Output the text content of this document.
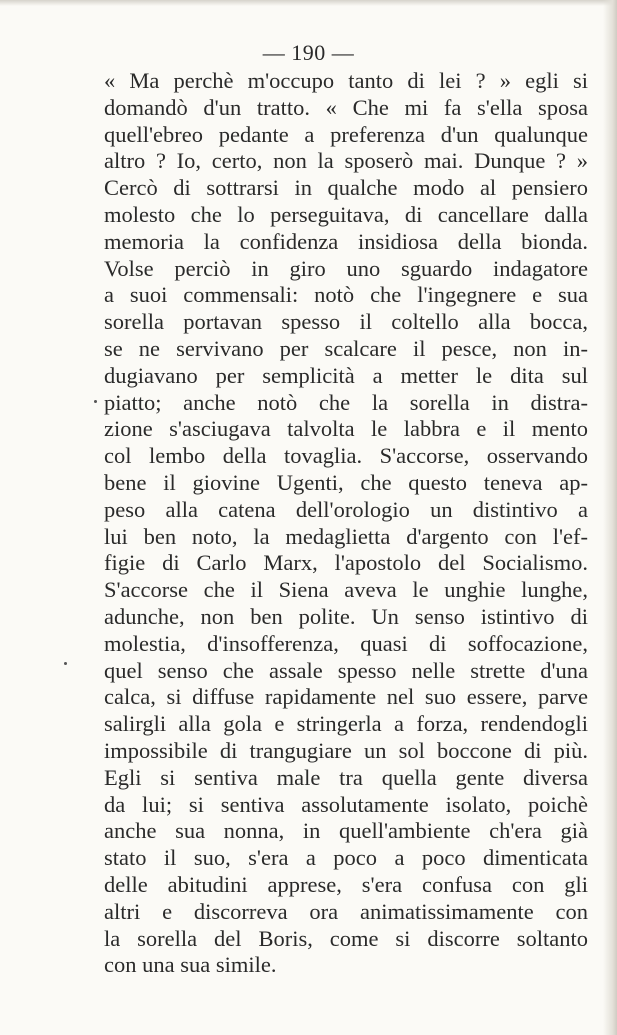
— 190 —
« Ma perchè m'occupo tanto di lei ? » egli si
domandò d'un tratto. « Che mi fa s'ella sposa
quell'ebreo pedante a preferenza d'un qualunque
altro ? Io, certo, non la sposerò mai. Dunque ? »
Cercò di sottrarsi in qualche modo al pensiero
molesto che lo perseguitava, di cancellare dalla
memoria la confidenza insidiosa della bionda.
Volse perciò in giro uno sguardo indagatore
a suoi commensali: notò che l'ingegnere e sua
sorella portavan spesso il coltello alla bocca,
se ne servivano per scalcare il pesce, non in-
dugiavano per semplicità a metter le dita sul
piatto; anche notò che la sorella in distra-
zione s'asciugava talvolta le labbra e il mento
col lembo della tovaglia. S'accorse, osservando
bene il giovine Ugenti, che questo teneva ap-
peso alla catena dell'orologio un distintivo a
lui ben noto, la medaglietta d'argento con l'ef-
figie di Carlo Marx, l'apostolo del Socialismo.
S'accorse che il Siena aveva le unghie lunghe,
adunche, non ben polite. Un senso istintivo di
molestia, d'insofferenza, quasi di soffocazione,
quel senso che assale spesso nelle strette d'una
calca, si diffuse rapidamente nel suo essere, parve
salirgli alla gola e stringerla a forza, rendendogli
impossibile di trangugiare un sol boccone di più.
Egli si sentiva male tra quella gente diversa
da lui; si sentiva assolutamente isolato, poichè
anche sua nonna, in quell'ambiente ch'era già
stato il suo, s'era a poco a poco dimenticata
delle abitudini apprese, s'era confusa con gli
altri e discorreva ora animatissimamente con
la sorella del Boris, come si discorre soltanto
con una sua simile.
